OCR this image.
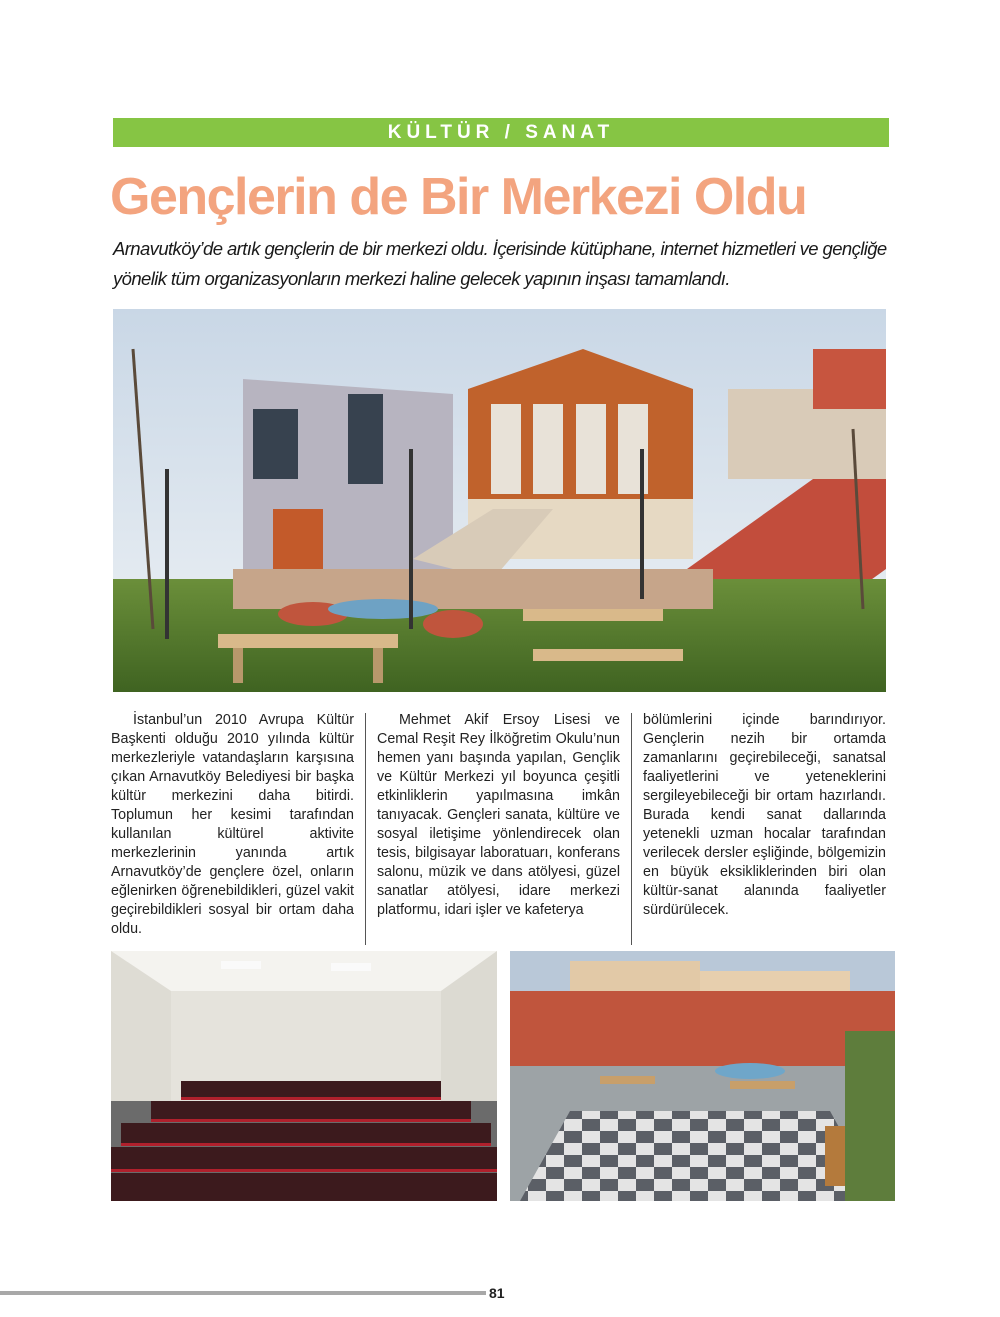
KÜLTÜR / SANAT
Gençlerin de Bir Merkezi Oldu
Arnavutköy’de artık gençlerin de bir merkezi oldu. İçerisinde kütüphane, internet hizmetleri ve gençliğe
yönelik tüm organizasyonların merkezi haline gelecek yapının inşası tamamlandı.

İstanbul’un 2010 Avrupa Kültür Başkenti olduğu 2010 yılında kültür merkezleriyle vatandaşların karşısına çıkan Arnavutköy Belediyesi bir başka kültür merkezini daha bitirdi. Toplumun her kesimi tarafından kullanılan kültürel aktivite merkezlerinin yanında artık Arnavutköy’de gençlere özel, onların eğlenirken öğrenebildikleri, güzel vakit geçirebildikleri sosyal bir ortam daha oldu.

Mehmet Akif Ersoy Lisesi ve Cemal Reşit Rey İlköğretim Okulu’nun hemen yanı başında yapılan, Gençlik ve Kültür Merkezi yıl boyunca çeşitli etkinliklerin yapılmasına imkân tanıyacak. Gençleri sanata, kültüre ve sosyal iletişime yönlendirecek olan tesis, bilgisayar laboratuarı, konferans salonu, müzik ve dans atölyesi, güzel sanatlar atölyesi, idare merkezi platformu, idari işler ve kafeterya

bölümlerini içinde barındırıyor. Gençlerin nezih bir ortamda zamanlarını geçirebileceği, sanatsal faaliyetlerini ve yeteneklerini sergileyebileceği bir ortam hazırlandı. Burada kendi sanat dallarında yetenekli uzman hocalar tarafından verilecek dersler eşliğinde, bölgemizin en büyük eksikliklerinden biri olan kültür-sanat alanında faaliyetler sürdürülecek.

81
